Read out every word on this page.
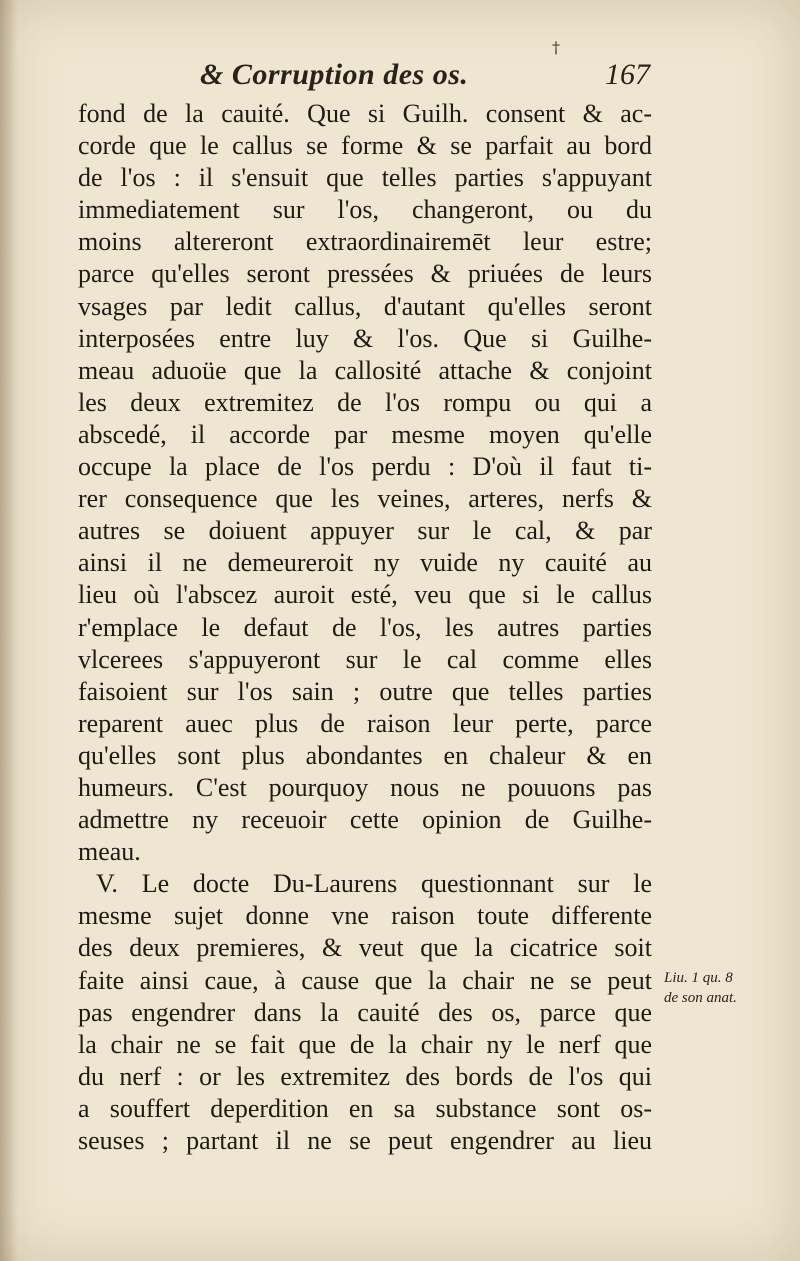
†
& Corruption des os.	167
fond de la cauité. Que si Guilh. consent & ac-
corde que le callus se forme & se parfait au bord
de l'os : il s'ensuit que telles parties s'appuyant
immediatement sur l'os, changeront, ou du
moins altereront extraordinairemēt leur estre;
parce qu'elles seront pressées & priuées de leurs
vsages par ledit callus, d'autant qu'elles seront
interposées entre luy & l'os. Que si Guilhe-
meau aduoüe que la callosité attache & conjoint
les deux extremitez de l'os rompu ou qui a
abscedé, il accorde par mesme moyen qu'elle
occupe la place de l'os perdu : D'où il faut ti-
rer consequence que les veines, arteres, nerfs &
autres se doiuent appuyer sur le cal, & par
ainsi il ne demeureroit ny vuide ny cauité au
lieu où l'abscez auroit esté, veu que si le callus
r'emplace le defaut de l'os, les autres parties
vlcerees s'appuyeront sur le cal comme elles
faisoient sur l'os sain ; outre que telles parties
reparent auec plus de raison leur perte, parce
qu'elles sont plus abondantes en chaleur & en
humeurs. C'est pourquoy nous ne pouuons pas
admettre ny receuoir cette opinion de Guilhe-
meau.
V. Le docte Du-Laurens questionnant sur le
mesme sujet donne vne raison toute differente
des deux premieres, & veut que la cicatrice soit
faite ainsi caue, à cause que la chair ne se peut
pas engendrer dans la cauité des os, parce que
la chair ne se fait que de la chair ny le nerf que
du nerf : or les extremitez des bords de l'os qui
a souffert deperdition en sa substance sont os-
seuses ; partant il ne se peut engendrer au lieu
Liu. 1 qu. 8
de son anat.
